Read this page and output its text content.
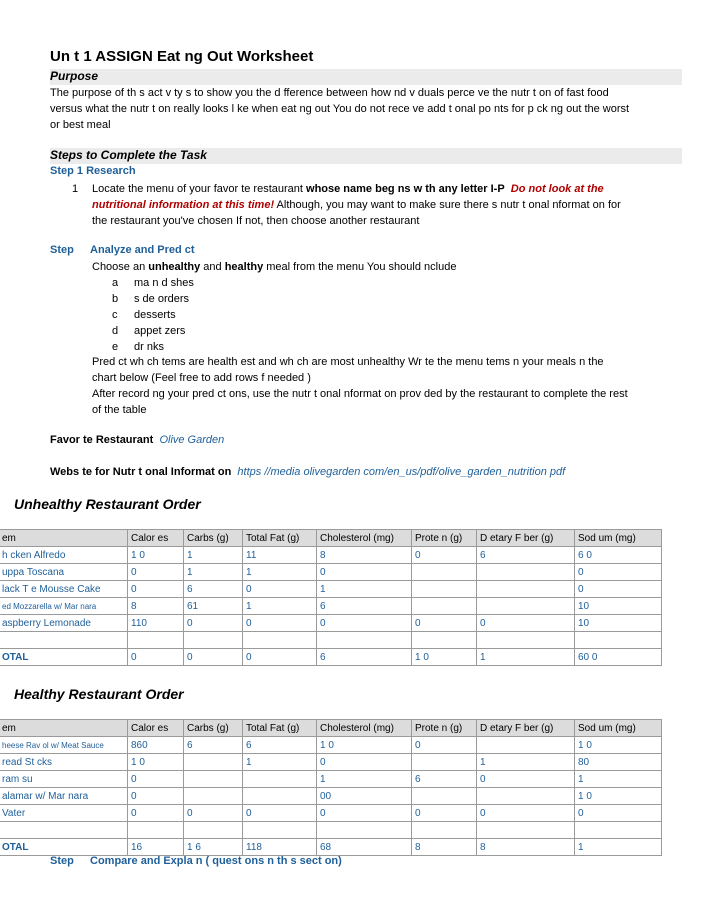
Un t 1 ASSIGN Eat ng Out Worksheet
Purpose
The purpose of th s act v ty s to show you the d fference between how nd v duals perce ve the nutr t on of fast food
versus what the nutr t on really looks l ke when eat ng out You do not rece ve add t onal po nts for p ck ng out the worst
or best meal
Steps to Complete the Task
Step 1 Research
1 Locate the menu of your favor te restaurant whose name beg ns w th any letter I-P Do not look at the
nutritional information at this time! Although, you may want to make sure there s nutr t onal nformat on for
the restaurant you've chosen If not, then choose another restaurant
Step Analyze and Pred ct
Choose an unhealthy and healthy meal from the menu You should nclude
a ma n d shes
b s de orders
c desserts
d appet zers
e dr nks
Pred ct wh ch tems are health est and wh ch are most unhealthy Wr te the menu tems n your meals n the
chart below (Feel free to add rows f needed )
After record ng your pred ct ons, use the nutr t onal nformat on prov ded by the restaurant to complete the rest
of the table
Favor te Restaurant Olive Garden
Webs te for Nutr t onal Informat on https //media olivegarden com/en_us/pdf/olive_garden_nutrition pdf
Unhealthy Restaurant Order
em	Calor es	Carbs (g)	Total Fat (g)	Cholesterol (mg)	Prote n (g)	D etary F ber (g)	Sod um (mg)
h cken Alfredo	1 0	1	11	8	0	6	6 0
uppa Toscana	0	1	1	0			0
lack T e Mousse Cake	0	6	0	1			0
ed Mozzarella w/ Mar nara	8	61	1	6			10
aspberry Lemonade	110	0	0	0	0	0	10

OTAL	0	0	0	6	1 0	1	60 0
Healthy Restaurant Order
em	Calor es	Carbs (g)	Total Fat (g)	Cholesterol (mg)	Prote n (g)	D etary F ber (g)	Sod um (mg)
heese Rav ol w/ Meat Sauce	860	6	6	1 0	0		1 0
read St cks	1 0		1	0		1	80
ram su	0			1	6	0	1
alamar w/ Mar nara	0			00			1 0
Vater	0	0	0	0	0	0	0

OTAL	16	1 6	118	68	8	8	1
Step Compare and Expla n ( quest ons n th s sect on)
